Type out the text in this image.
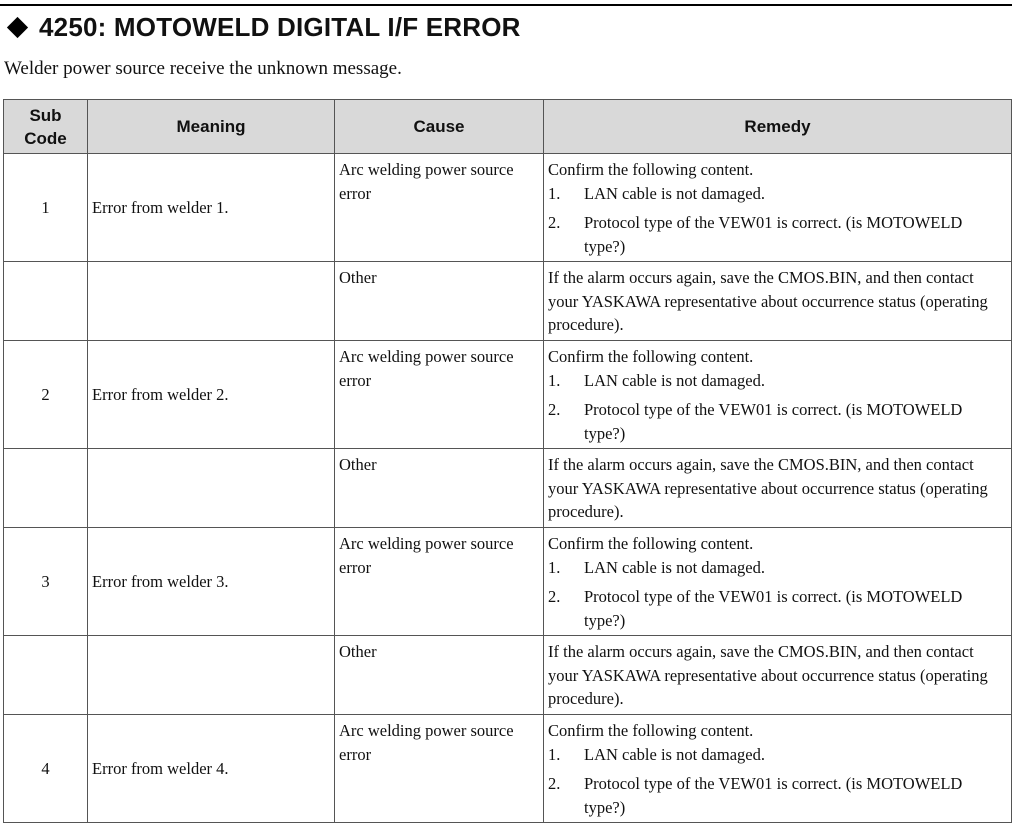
4250: MOTOWELD DIGITAL I/F ERROR
Welder power source receive the unknown message.
Sub
Code	Meaning	Cause	Remedy
1	Error from welder 1.	Arc welding power source error	Confirm the following content.
1. LAN cable is not damaged.
2. Protocol type of the VEW01 is correct. (is MOTOWELD type?)

		Other	If the alarm occurs again, save the CMOS.BIN, and then contact your YASKAWA representative about occurrence status (operating procedure).
2	Error from welder 2.	Arc welding power source error	Confirm the following content.
1. LAN cable is not damaged.
2. Protocol type of the VEW01 is correct. (is MOTOWELD type?)

		Other	If the alarm occurs again, save the CMOS.BIN, and then contact your YASKAWA representative about occurrence status (operating procedure).
3	Error from welder 3.	Arc welding power source error	Confirm the following content.
1. LAN cable is not damaged.
2. Protocol type of the VEW01 is correct. (is MOTOWELD type?)

		Other	If the alarm occurs again, save the CMOS.BIN, and then contact your YASKAWA representative about occurrence status (operating procedure).
4	Error from welder 4.	Arc welding power source error	Confirm the following content.
1. LAN cable is not damaged.
2. Protocol type of the VEW01 is correct. (is MOTOWELD type?)
